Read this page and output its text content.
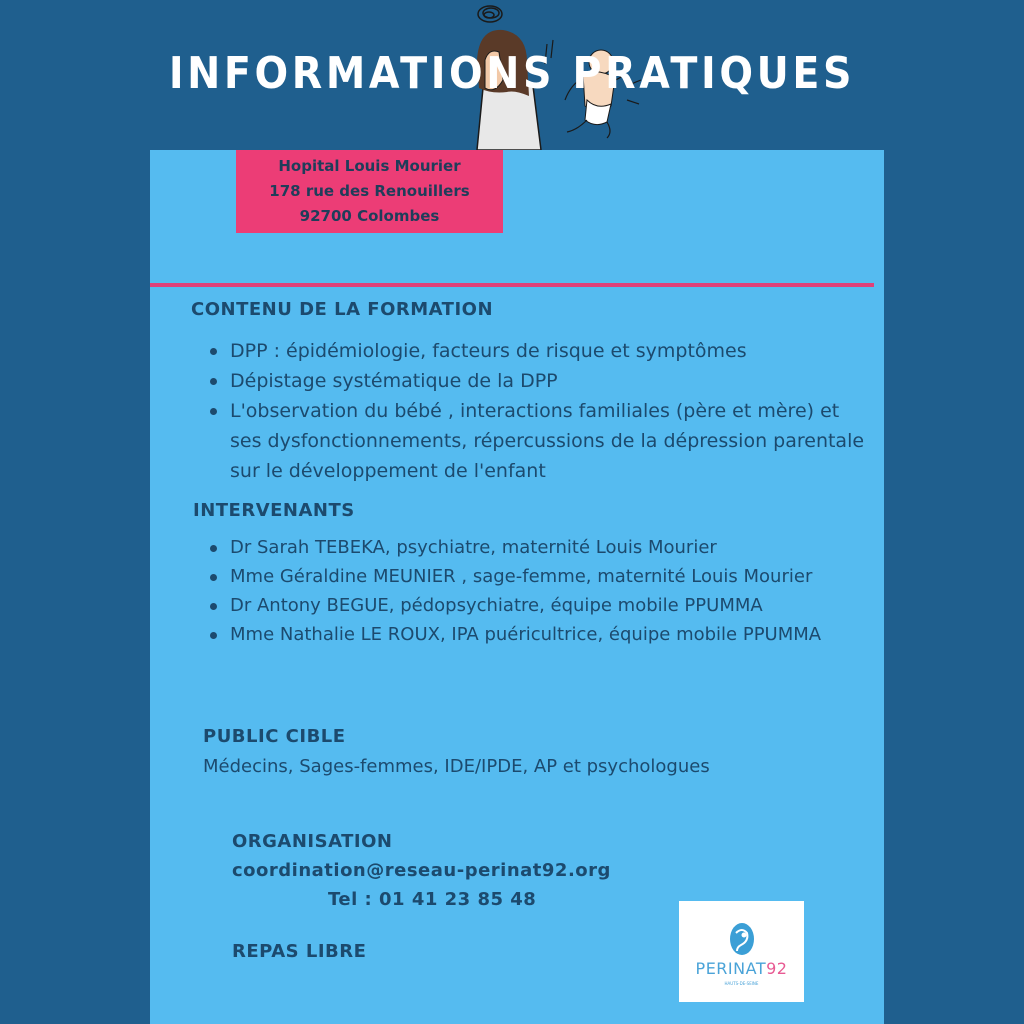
INFORMATIONS PRATIQUES
Hopital Louis Mourier
178 rue des Renouillers
92700 Colombes
CONTENU DE LA FORMATION
DPP : épidémiologie, facteurs de risque et symptômes
Dépistage systématique de la DPP
L'observation du bébé , interactions familiales (père et mère) et ses dysfonctionnements, répercussions de la dépression parentale sur le développement de l'enfant
INTERVENANTS
Dr Sarah TEBEKA, psychiatre, maternité Louis Mourier
Mme Géraldine MEUNIER , sage-femme, maternité Louis Mourier
Dr Antony BEGUE, pédopsychiatre, équipe mobile PPUMMA
Mme Nathalie LE ROUX, IPA puéricultrice, équipe mobile PPUMMA
PUBLIC CIBLE
Médecins, Sages-femmes, IDE/IPDE, AP et psychologues
ORGANISATION
coordination@reseau-perinat92.org
Tel : 01 41 23 85 48
REPAS LIBRE
PERINAT92
HAUTS-DE-SEINE
